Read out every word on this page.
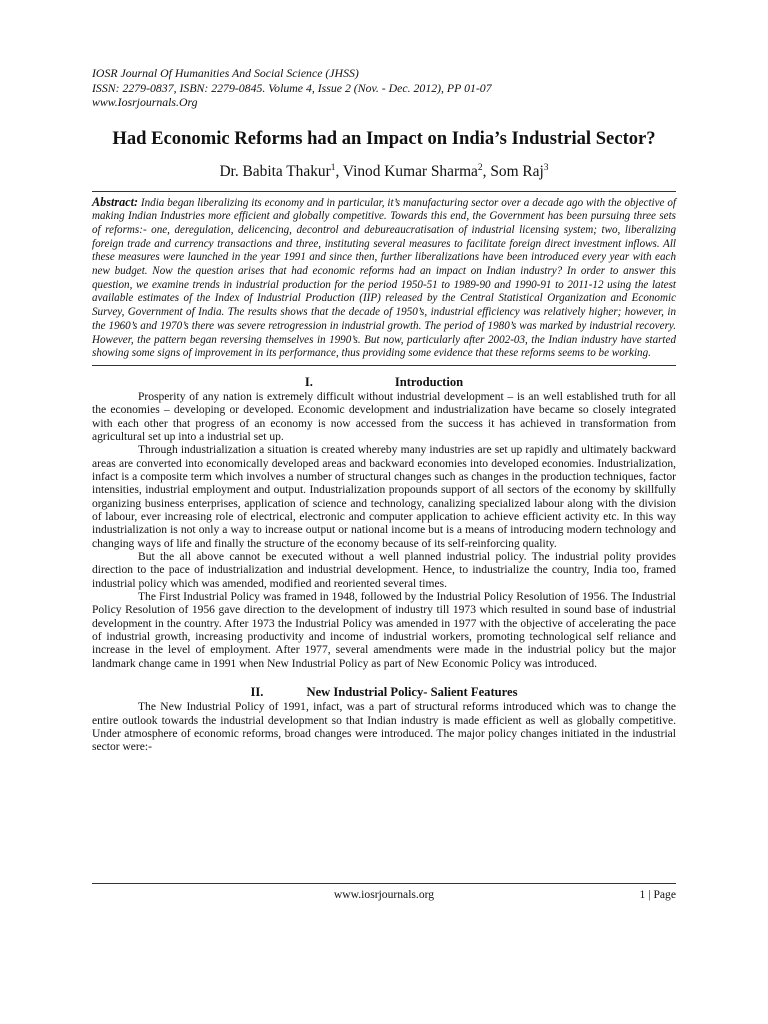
IOSR Journal Of Humanities And Social Science (JHSS)
ISSN: 2279-0837, ISBN: 2279-0845. Volume 4, Issue 2 (Nov. - Dec. 2012), PP 01-07
www.Iosrjournals.Org
Had Economic Reforms had an Impact on India’s Industrial Sector?
Dr. Babita Thakur$^1$, Vinod Kumar Sharma$^2$, Som Raj$^3$
Abstract: India began liberalizing its economy and in particular, it’s manufacturing sector over a decade ago with the objective of making Indian Industries more efficient and globally competitive. Towards this end, the Government has been pursuing three sets of reforms:- one, deregulation, delicencing, decontrol and debureaucratisation of industrial licensing system; two, liberalizing foreign trade and currency transactions and three, instituting several measures to facilitate foreign direct investment inflows. All these measures were launched in the year 1991 and since then, further liberalizations have been introduced every year with each new budget. Now the question arises that had economic reforms had an impact on Indian industry? In order to answer this question, we examine trends in industrial production for the period 1950-51 to 1989-90 and 1990-91 to 2011-12 using the latest available estimates of the Index of Industrial Production (IIP) released by the Central Statistical Organization and Economic Survey, Government of India. The results shows that the decade of 1950’s, industrial efficiency was relatively higher; however, in the 1960’s and 1970’s there was severe retrogression in industrial growth. The period of 1980’s was marked by industrial recovery. However, the pattern began reversing themselves in 1990’s. But now, particularly after 2002-03, the Indian industry have started showing some signs of improvement in its performance, thus providing some evidence that these reforms seems to be working.
I.	Introduction

Prosperity of any nation is extremely difficult without industrial development – is an well established truth for all the economies – developing or developed. Economic development and industrialization have became so closely integrated with each other that progress of an economy is now accessed from the success it has achieved in transformation from agricultural set up into a industrial set up.

Through industrialization a situation is created whereby many industries are set up rapidly and ultimately backward areas are converted into economically developed areas and backward economies into developed economies. Industrialization, infact is a composite term which involves a number of structural changes such as changes in the production techniques, factor intensities, industrial employment and output. Industrialization propounds support of all sectors of the economy by skillfully organizing business enterprises, application of science and technology, canalizing specialized labour along with the division of labour, ever increasing role of electrical, electronic and computer application to achieve efficient activity etc. In this way industrialization is not only a way to increase output or national income but is a means of introducing modern technology and changing ways of life and finally the structure of the economy because of its self-reinforcing quality.

But the all above cannot be executed without a well planned industrial policy. The industrial polity provides direction to the pace of industrialization and industrial development. Hence, to industrialize the country, India too, framed industrial policy which was amended, modified and reoriented several times.

The First Industrial Policy was framed in 1948, followed by the Industrial Policy Resolution of 1956. The Industrial Policy Resolution of 1956 gave direction to the development of industry till 1973 which resulted in sound base of industrial development in the country. After 1973 the Industrial Policy was amended in 1977 with the objective of accelerating the pace of industrial growth, increasing productivity and income of industrial workers, promoting technological self reliance and increase in the level of employment. After 1977, several amendments were made in the industrial policy but the major landmark change came in 1991 when New Industrial Policy as part of New Economic Policy was introduced.

II.	New Industrial Policy- Salient Features

The New Industrial Policy of 1991, infact, was a part of structural reforms introduced which was to change the entire outlook towards the industrial development so that Indian industry is made efficient as well as globally competitive. Under atmosphere of economic reforms, broad changes were introduced. The major policy changes initiated in the industrial sector were:-

www.iosrjournals.org	1 | Page
